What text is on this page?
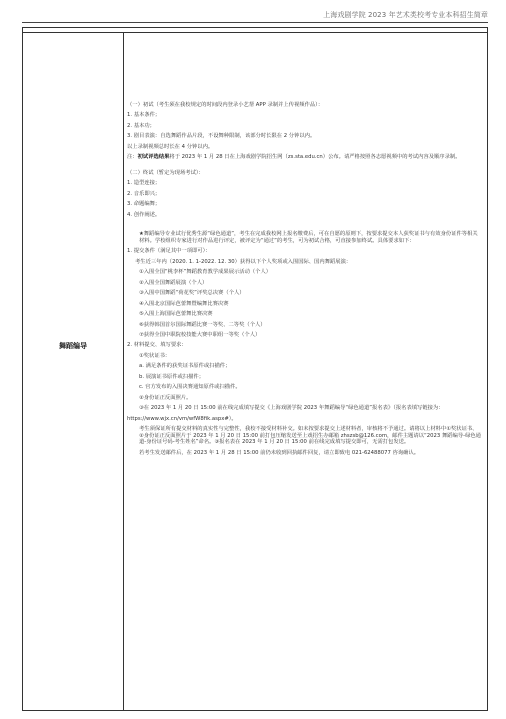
上海戏剧学院 2023 年艺术类校考专业本科招生简章
舞蹈编导

（一）初试（考生须在我校规定的时间段内登录小艺帮 APP 录制并上传视频作品）：

1. 基本条件；

2. 基本功；

3. 剧目表演：自选舞蹈作品片段，不设舞种限制，该部分时长限在 2 分钟以内。

以上录制视频总时长在 4 分钟以内。

注：初试评选结果将于 2023 年 1 月 28 日在上海戏剧学院招生网（zs.sta.edu.cn）公布。请严格按照各志愿视频中的考试内容及顺序录制。

（二）终试（暂定为现场考试）：

1. 造型连接；

2. 音乐即兴；

3. 命题编舞；

4. 创作阐述。

★舞蹈编导专业试行优秀生源“绿色通道”，考生在完成我校网上报名缴费后，可在自愿的原则下，按要求提交本人获奖证书与有效身份证件等相关材料。学校组织专家进行对作品进行评定，被评定为“通过”的考生，可为初试合格，可直接参加终试。具体要求如下：

1. 提交条件（满足其中一项即可）：

考生近三年内（2020. 1. 1-2022. 12. 30）获得以下个人奖项或入围国际、国内舞蹈展演：

①入围全国“桃李杯”舞蹈教育教学成果展示活动（个人）

②入围全国舞蹈展演（个人）

③入围中国舞蹈“荷花奖”评奖总决赛（个人）

④入围北京国际芭蕾舞暨编舞比赛决赛

⑤入围上海国际芭蕾舞比赛决赛

⑥获得韩国首尔国际舞蹈比赛一等奖、二等奖（个人）

⑦获得全国中职院校技能大赛中职组一等奖（个人）

2. 材料提交、填写要求：

①奖状证书：

a. 满足条件的获奖证书原件或扫描件；

b. 展演证书原件或扫描件；

c. 官方发布的入围决赛通知原件或扫描件。

②身份证正反面照片。

③在 2023 年 1 月 20 日 15:00 前在线完成填写提交《上海戏剧学院 2023 年舞蹈编导“绿色通道”报名表》（报名表填写链接为：

https://www.wjx.cn/vm/wfW8fik.aspx#）。

考生须保证所有提交材料的真实性与完整性，我校不接受材料补交。如未按要求提交上述材料者，审核将不予通过。请将以上材料中①奖状证书、②身份证正反面照片于 2023 年 1 月 20 日 15:00 前打包压缩发送至上戏招生办邮箱 zhszsb@126.com，邮件主题请以“2023 舞蹈编导-绿色通道-身份证号码-考生姓名”命名。③报名表在 2023 年 1 月 20 日 15:00 前在线完成填写提交即可，无需打包发送。

若考生发送邮件后，在 2023 年 1 月 28 日 15:00 前仍未收到回执邮件回复，请立即致电 021-62488077 咨询确认。
